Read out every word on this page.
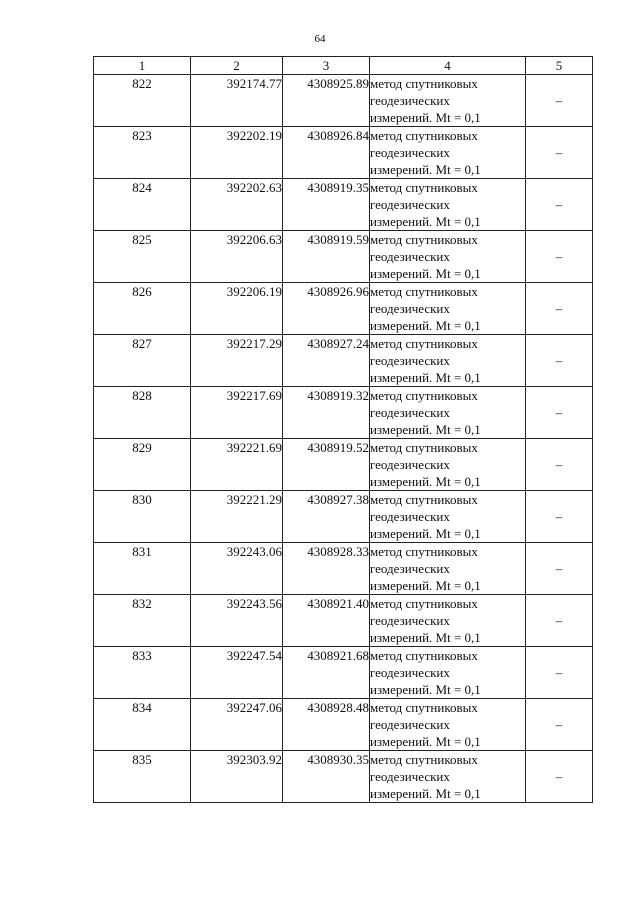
64
1	2	3	4	5
822	392174.77	4308925.89	метод спутниковых
геодезических
измерений. Mt = 0,1	–
823	392202.19	4308926.84	метод спутниковых
геодезических
измерений. Mt = 0,1	–
824	392202.63	4308919.35	метод спутниковых
геодезических
измерений. Mt = 0,1	–
825	392206.63	4308919.59	метод спутниковых
геодезических
измерений. Mt = 0,1	–
826	392206.19	4308926.96	метод спутниковых
геодезических
измерений. Mt = 0,1	–
827	392217.29	4308927.24	метод спутниковых
геодезических
измерений. Mt = 0,1	–
828	392217.69	4308919.32	метод спутниковых
геодезических
измерений. Mt = 0,1	–
829	392221.69	4308919.52	метод спутниковых
геодезических
измерений. Mt = 0,1	–
830	392221.29	4308927.38	метод спутниковых
геодезических
измерений. Mt = 0,1	–
831	392243.06	4308928.33	метод спутниковых
геодезических
измерений. Mt = 0,1	–
832	392243.56	4308921.40	метод спутниковых
геодезических
измерений. Mt = 0,1	–
833	392247.54	4308921.68	метод спутниковых
геодезических
измерений. Mt = 0,1	–
834	392247.06	4308928.48	метод спутниковых
геодезических
измерений. Mt = 0,1	–
835	392303.92	4308930.35	метод спутниковых
геодезических
измерений. Mt = 0,1	–
